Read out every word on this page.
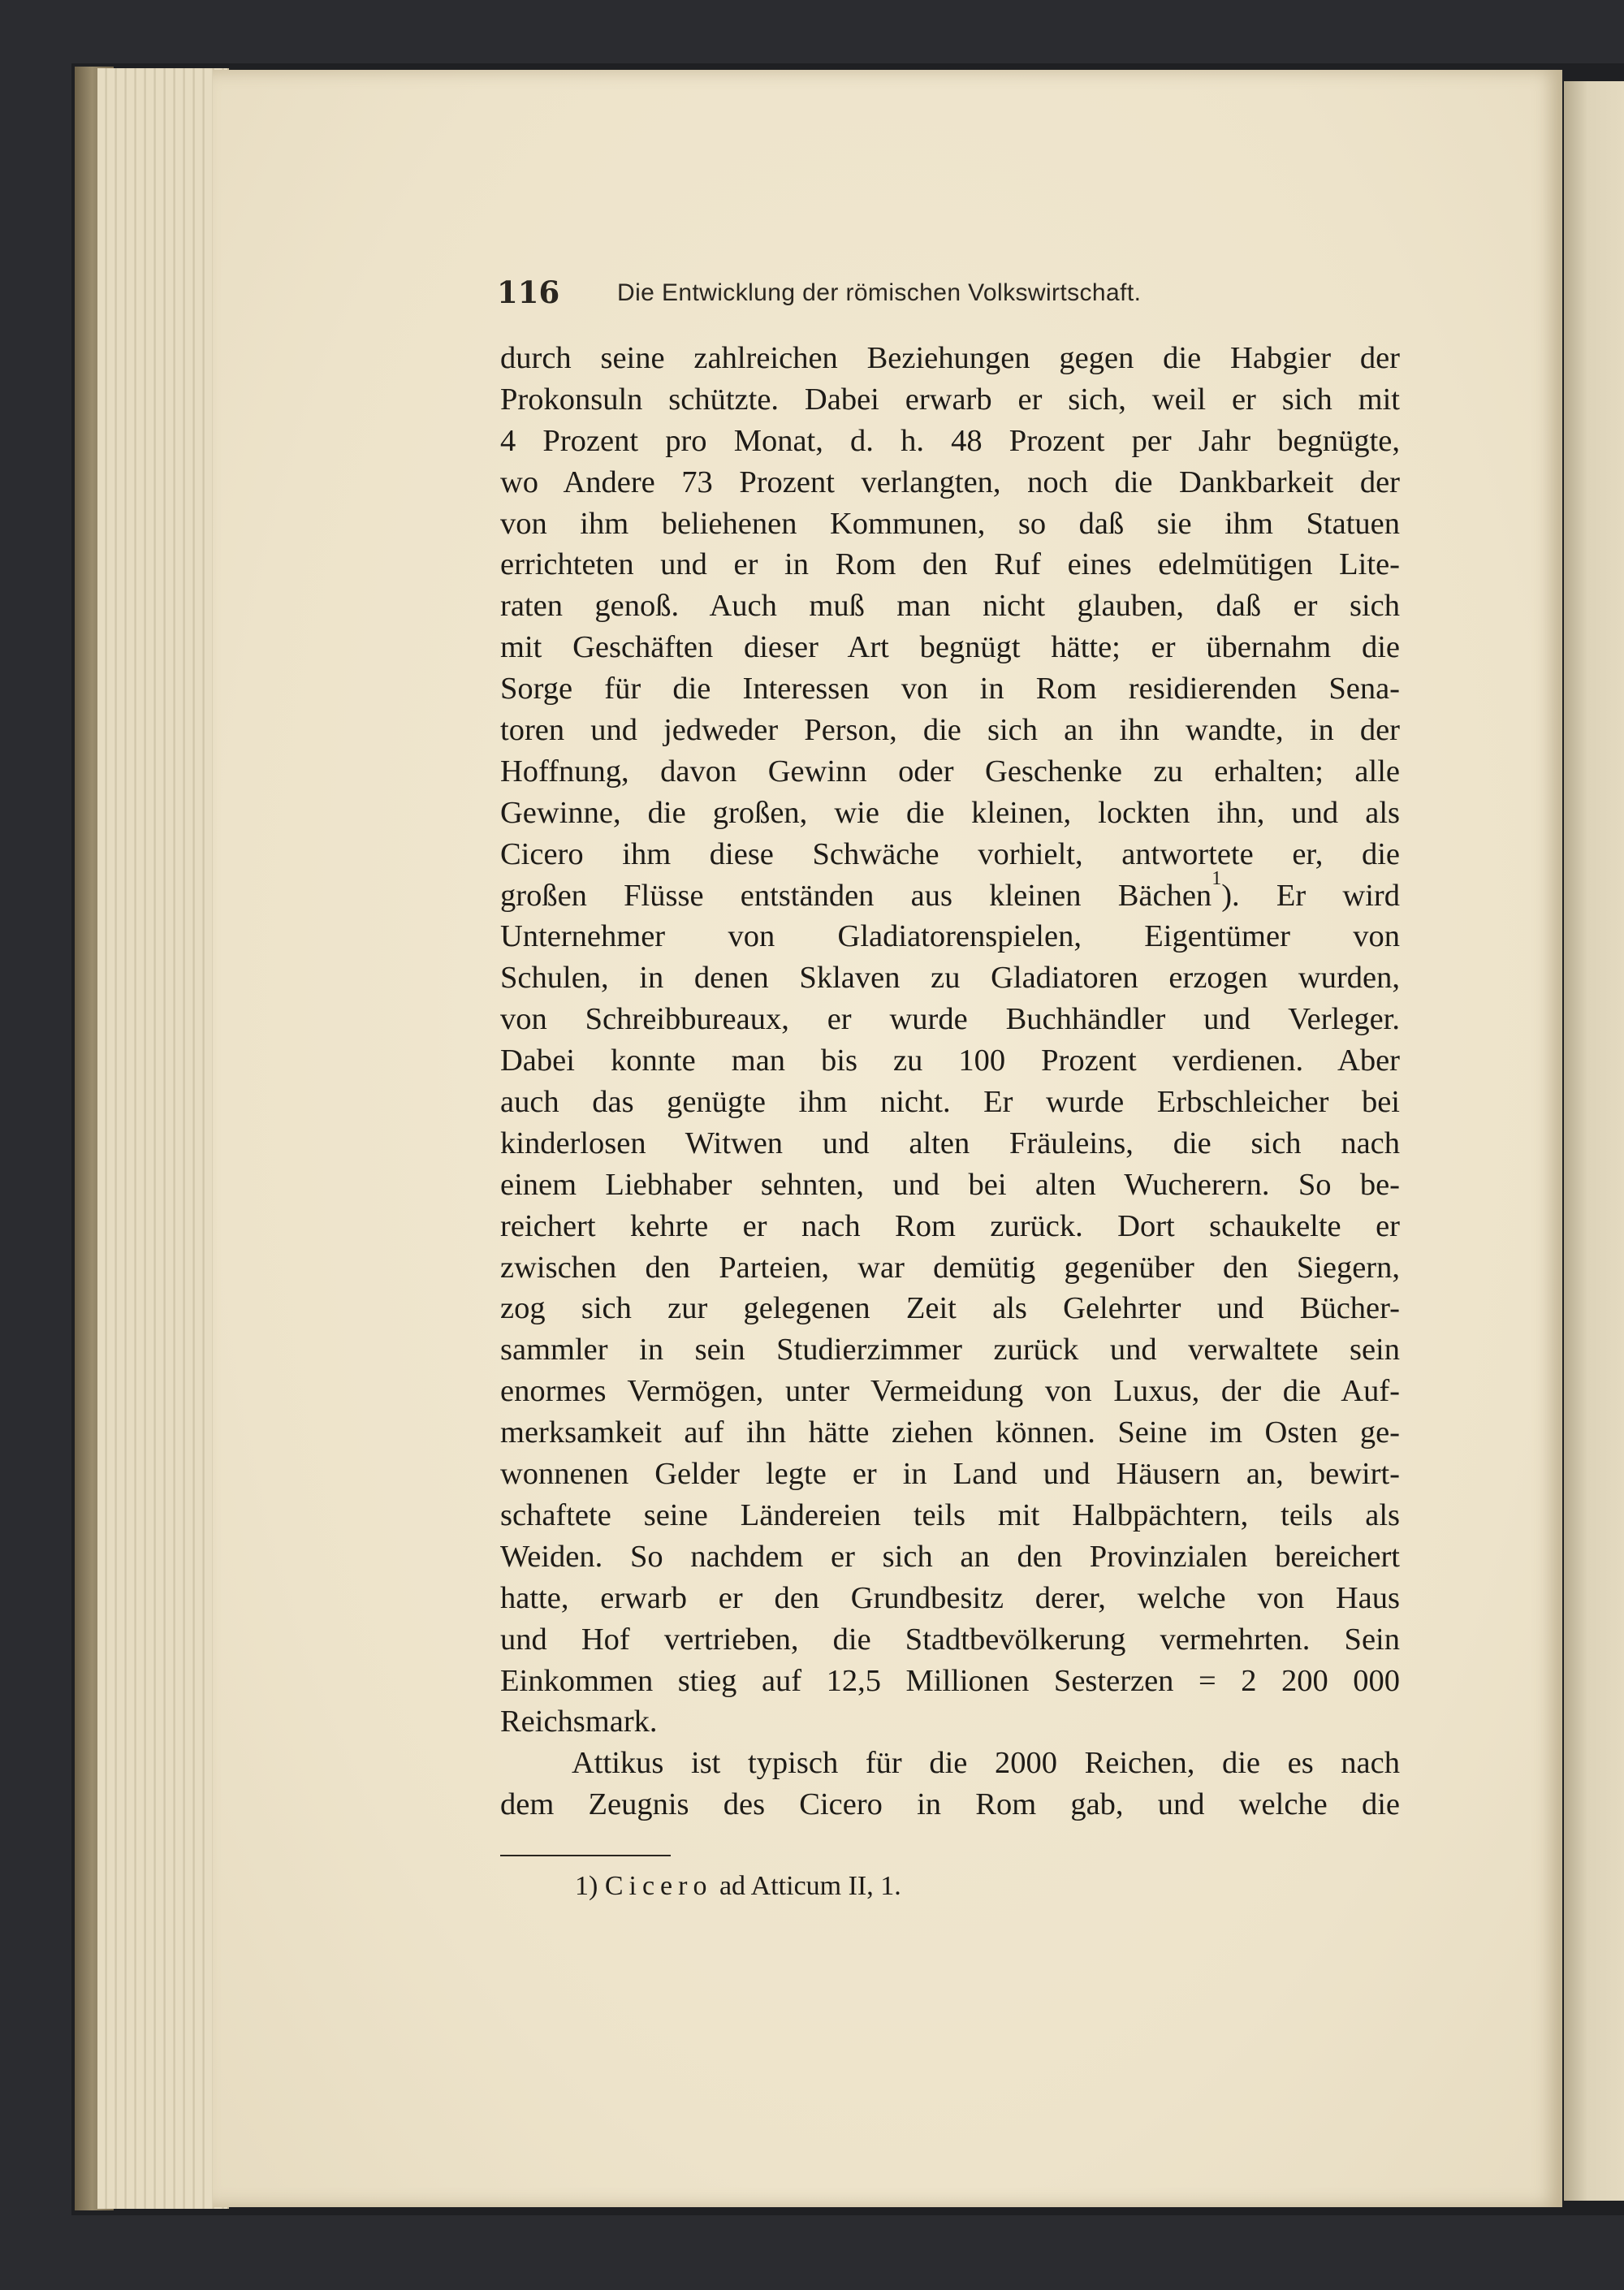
116 Die Entwicklung der römischen Volkswirtschaft.
durch seine zahlreichen Beziehungen gegen die Habgier der
Prokonsuln schützte. Dabei erwarb er sich, weil er sich mit
4 Prozent pro Monat, d. h. 48 Prozent per Jahr begnügte,
wo Andere 73 Prozent verlangten, noch die Dankbarkeit der
von ihm beliehenen Kommunen, so daß sie ihm Statuen
errichteten und er in Rom den Ruf eines edelmütigen Lite-
raten genoß. Auch muß man nicht glauben, daß er sich
mit Geschäften dieser Art begnügt hätte; er übernahm die
Sorge für die Interessen von in Rom residierenden Sena-
toren und jedweder Person, die sich an ihn wandte, in der
Hoffnung, davon Gewinn oder Geschenke zu erhalten; alle
Gewinne, die großen, wie die kleinen, lockten ihn, und als
Cicero ihm diese Schwäche vorhielt, antwortete er, die
großen Flüsse entständen aus kleinen Bächen$^1$). Er wird
Unternehmer von Gladiatorenspielen, Eigentümer von
Schulen, in denen Sklaven zu Gladiatoren erzogen wurden,
von Schreibbureaux, er wurde Buchhändler und Verleger.
Dabei konnte man bis zu 100 Prozent verdienen. Aber
auch das genügte ihm nicht. Er wurde Erbschleicher bei
kinderlosen Witwen und alten Fräuleins, die sich nach
einem Liebhaber sehnten, und bei alten Wucherern. So be-
reichert kehrte er nach Rom zurück. Dort schaukelte er
zwischen den Parteien, war demütig gegenüber den Siegern,
zog sich zur gelegenen Zeit als Gelehrter und Bücher-
sammler in sein Studierzimmer zurück und verwaltete sein
enormes Vermögen, unter Vermeidung von Luxus, der die Auf-
merksamkeit auf ihn hätte ziehen können. Seine im Osten ge-
wonnenen Gelder legte er in Land und Häusern an, bewirt-
schaftete seine Ländereien teils mit Halbpächtern, teils als
Weiden. So nachdem er sich an den Provinzialen bereichert
hatte, erwarb er den Grundbesitz derer, welche von Haus
und Hof vertrieben, die Stadtbevölkerung vermehrten. Sein
Einkommen stieg auf 12,5 Millionen Sesterzen = 2 200 000
Reichsmark.
Attikus ist typisch für die 2000 Reichen, die es nach
dem Zeugnis des Cicero in Rom gab, und welche die
1) Cicero ad Atticum II, 1.
